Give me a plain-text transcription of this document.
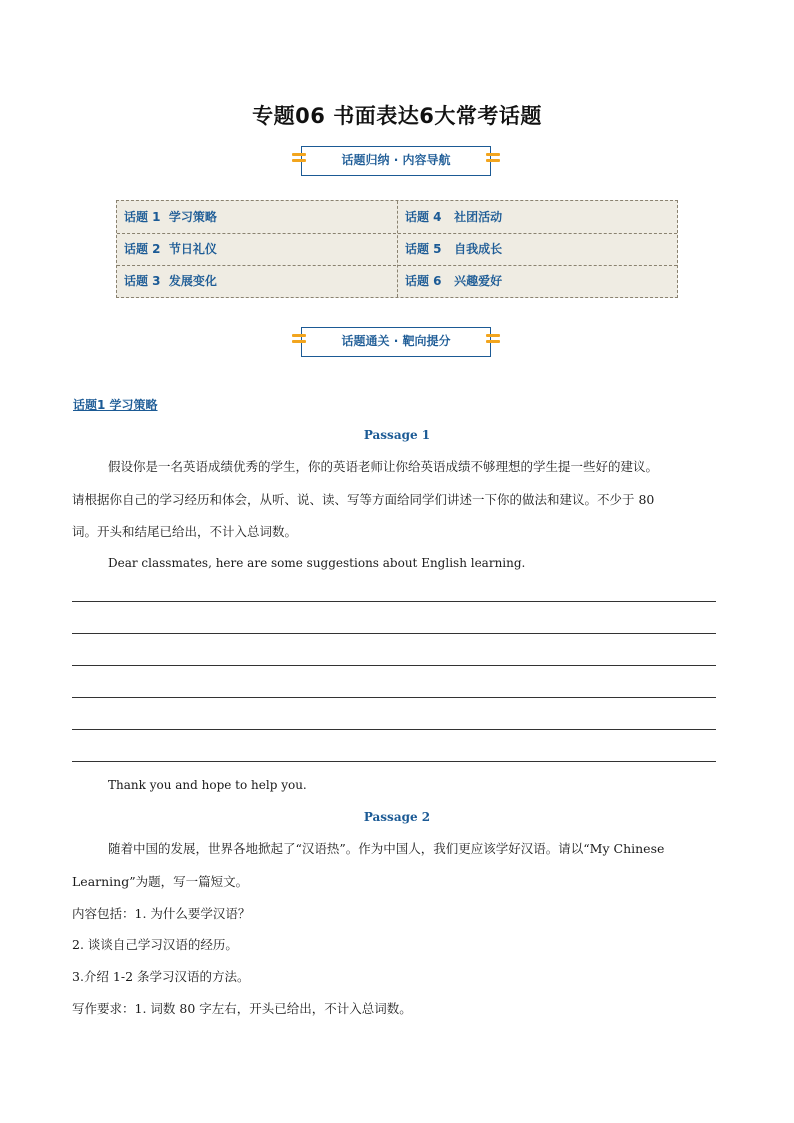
专题06 书面表达6大常考话题
话题归纳 · 内容导航
话题 1 学习策略	话题 4 社团活动
话题 2 节日礼仪	话题 5 自我成长
话题 3 发展变化	话题 6 兴趣爱好
话题通关 · 靶向提分
话题1 学习策略
Passage 1
假设你是一名英语成绩优秀的学生，你的英语老师让你给英语成绩不够理想的学生提一些好的建议。
请根据你自己的学习经历和体会，从听、说、读、写等方面给同学们讲述一下你的做法和建议。不少于 80
词。开头和结尾已给出，不计入总词数。
Dear classmates, here are some suggestions about English learning.
Thank you and hope to help you.
Passage 2
随着中国的发展，世界各地掀起了“汉语热”。作为中国人，我们更应该学好汉语。请以“My Chinese
Learning”为题，写一篇短文。
内容包括：1. 为什么要学汉语？
2. 谈谈自己学习汉语的经历。
3.介绍 1-2 条学习汉语的方法。
写作要求：1. 词数 80 字左右，开头已给出，不计入总词数。
